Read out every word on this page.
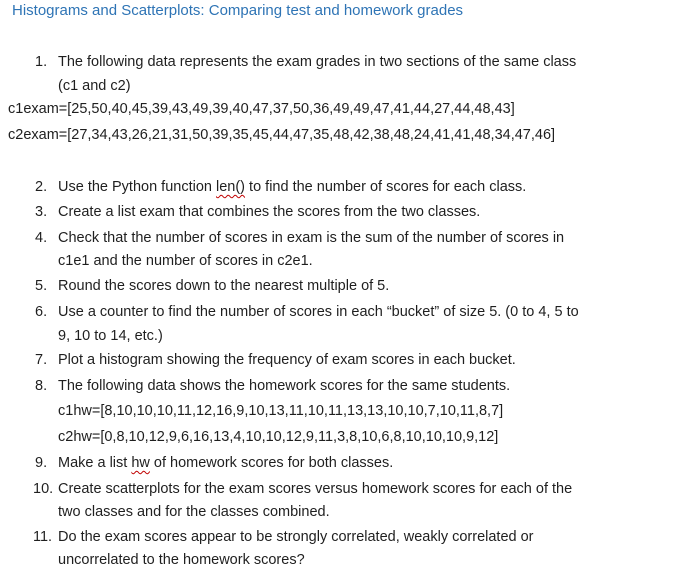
Histograms and Scatterplots: Comparing test and homework grades
1. The following data represents the exam grades in two sections of the same class
(c1 and c2)
c1exam=[25,50,40,45,39,43,49,39,40,47,37,50,36,49,49,47,41,44,27,44,48,43]
c2exam=[27,34,43,26,21,31,50,39,35,45,44,47,35,48,42,38,48,24,41,41,48,34,47,46]
2. Use the Python function len() to find the number of scores for each class.
3. Create a list exam that combines the scores from the two classes.
4. Check that the number of scores in exam is the sum of the number of scores in
c1e1 and the number of scores in c2e1.
5. Round the scores down to the nearest multiple of 5.
6. Use a counter to find the number of scores in each “bucket” of size 5. (0 to 4, 5 to
9, 10 to 14, etc.)
7. Plot a histogram showing the frequency of exam scores in each bucket.
8. The following data shows the homework scores for the same students.
c1hw=[8,10,10,10,11,12,16,9,10,13,11,10,11,13,13,10,10,7,10,11,8,7]
c2hw=[0,8,10,12,9,6,16,13,4,10,10,12,9,11,3,8,10,6,8,10,10,10,9,12]
9. Make a list hw of homework scores for both classes.
10. Create scatterplots for the exam scores versus homework scores for each of the
two classes and for the classes combined.
11. Do the exam scores appear to be strongly correlated, weakly correlated or
uncorrelated to the homework scores?
